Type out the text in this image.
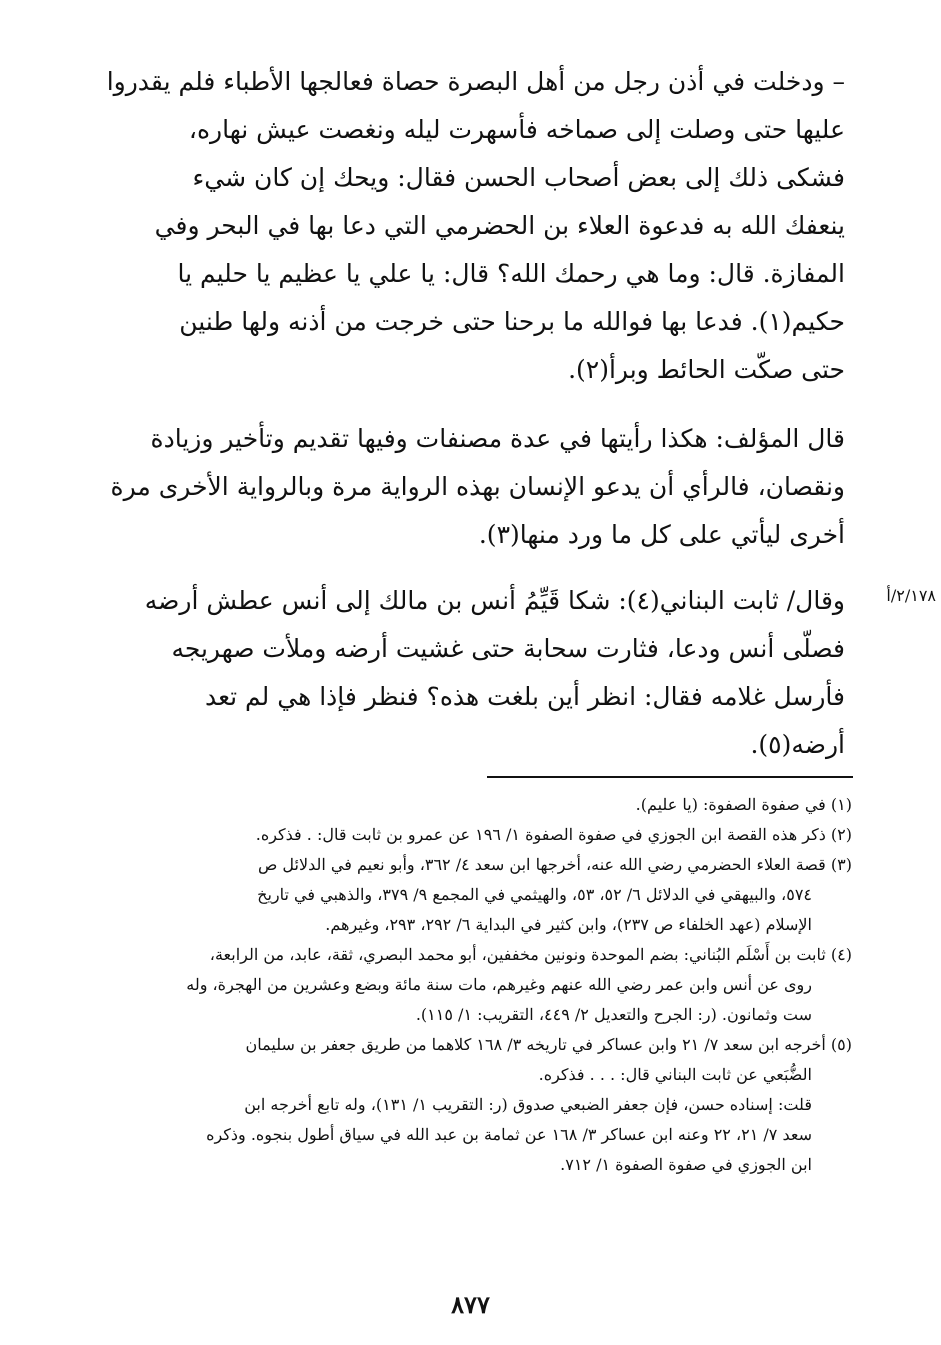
– ودخلت في أذن رجل من أهل البصرة حصاة فعالجها الأطباء فلم يقدروا
عليها حتى وصلت إلى صماخه فأسهرت ليله ونغصت عيش نهاره،
فشكى ذلك إلى بعض أصحاب الحسن فقال: ويحك إن كان شيء
ينعفك الله به فدعوة العلاء بن الحضرمي التي دعا بها في البحر وفي
المفازة. قال: وما هي رحمك الله؟ قال: يا علي يا عظيم يا حليم يا
حكيم(١). فدعا بها فوالله ما برحنا حتى خرجت من أذنه ولها طنين
حتى صكّت الحائط وبرأ(٢).
قال المؤلف: هكذا رأيتها في عدة مصنفات وفيها تقديم وتأخير وزيادة
ونقصان، فالرأي أن يدعو الإنسان بهذه الرواية مرة وبالرواية الأخرى مرة
أخرى ليأتي على كل ما ورد منها(٣).
٢/١٧٨/أ
وقال/ ثابت البناني(٤): شكا قَيِّمُ أنس بن مالك إلى أنس عطش أرضه
فصلّى أنس ودعا، فثارت سحابة حتى غشيت أرضه وملأت صهريجه
فأرسل غلامه فقال: انظر أين بلغت هذه؟ فنظر فإذا هي لم تعد
أرضه(٥).
(١) في صفوة الصفوة: (يا عليم).
(٢) ذكر هذه القصة ابن الجوزي في صفوة الصفوة ١/ ١٩٦ عن عمرو بن ثابت قال: . فذكره.
(٣) قصة العلاء الحضرمي رضي الله عنه، أخرجها ابن سعد ٤/ ٣٦٢، وأبو نعيم في الدلائل ص
٥٧٤، والبيهقي في الدلائل ٦/ ٥٢، ٥٣، والهيثمي في المجمع ٩/ ٣٧٩، والذهبي في تاريخ
الإسلام (عهد الخلفاء ص ٢٣٧)، وابن كثير في البداية ٦/ ٢٩٢، ٢٩٣، وغيرهم.
(٤) ثابت بن أَسْلَم البُناني: بضم الموحدة ونونين مخففين، أبو محمد البصري، ثقة، عابد، من الرابعة،
روى عن أنس وابن عمر رضي الله عنهم وغيرهم، مات سنة مائة وبضع وعشرين من الهجرة، وله
ست وثمانون. (ر: الجرح والتعديل ٢/ ٤٤٩، التقريب: ١/ ١١٥).
(٥) أخرجه ابن سعد ٧/ ٢١ وابن عساكر في تاريخه ٣/ ١٦٨ كلاهما من طريق جعفر بن سليمان
الضُّبَعي عن ثابت البناني قال: . . . فذكره.
قلت: إسناده حسن، فإن جعفر الضبعي صدوق (ر: التقريب ١/ ١٣١)، وله تابع أخرجه ابن
سعد ٧/ ٢١، ٢٢ وعنه ابن عساكر ٣/ ١٦٨ عن ثمامة بن عبد الله في سياق أطول بنجوه. وذكره
ابن الجوزي في صفوة الصفوة ١/ ٧١٢.
٨٧٧
